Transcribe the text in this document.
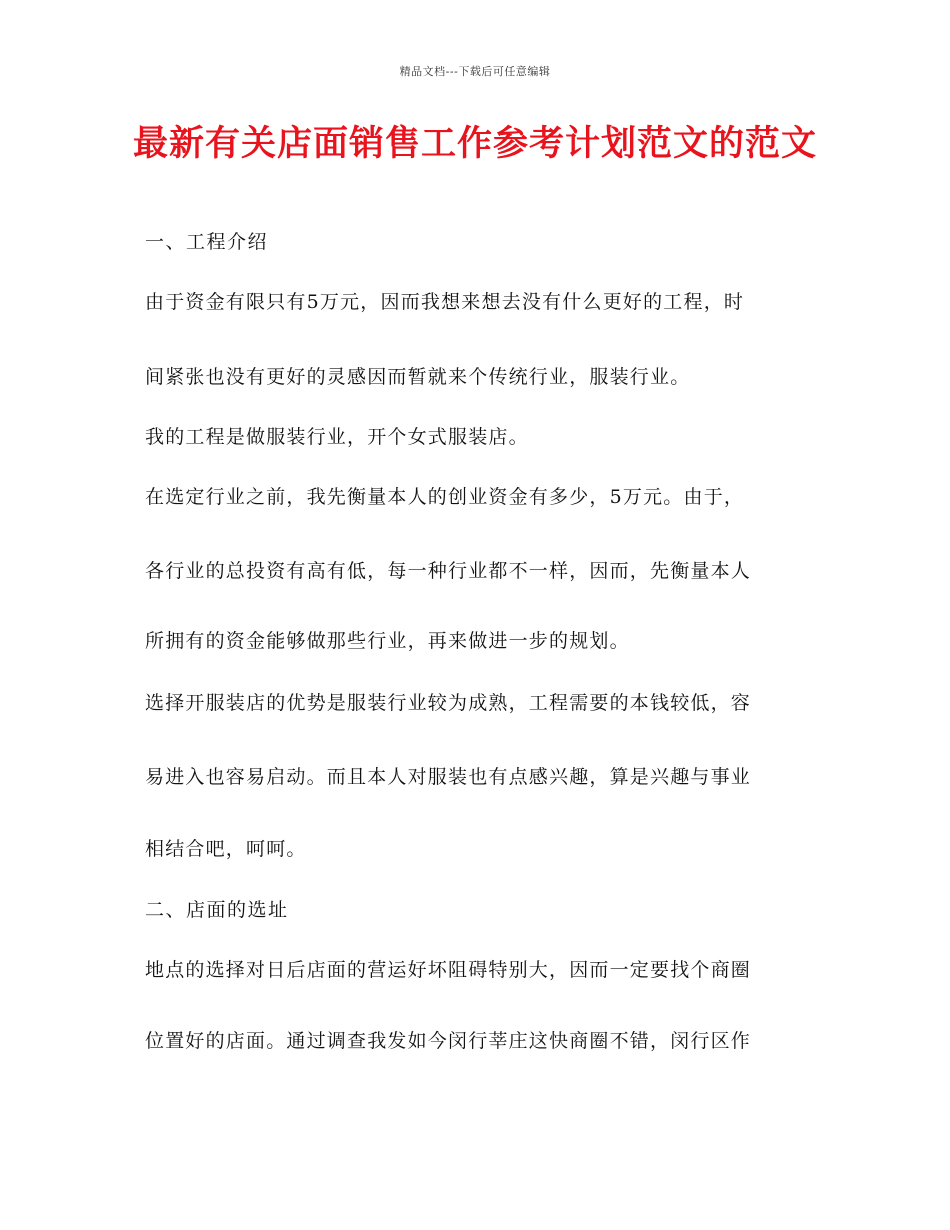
精品文档---下载后可任意编辑
最新有关店面销售工作参考计划范文的范文
一、工程介绍
由于资金有限只有5万元，因而我想来想去没有什么更好的工程，时
间紧张也没有更好的灵感因而暂就来个传统行业，服装行业。
我的工程是做服装行业，开个女式服装店。
在选定行业之前，我先衡量本人的创业资金有多少，5万元。由于，
各行业的总投资有高有低，每一种行业都不一样，因而，先衡量本人
所拥有的资金能够做那些行业，再来做进一步的规划。
选择开服装店的优势是服装行业较为成熟，工程需要的本钱较低，容
易进入也容易启动。而且本人对服装也有点感兴趣，算是兴趣与事业
相结合吧，呵呵。
二、店面的选址
地点的选择对日后店面的营运好坏阻碍特别大，因而一定要找个商圈
位置好的店面。通过调查我发如今闵行莘庄这快商圈不错，闵行区作
